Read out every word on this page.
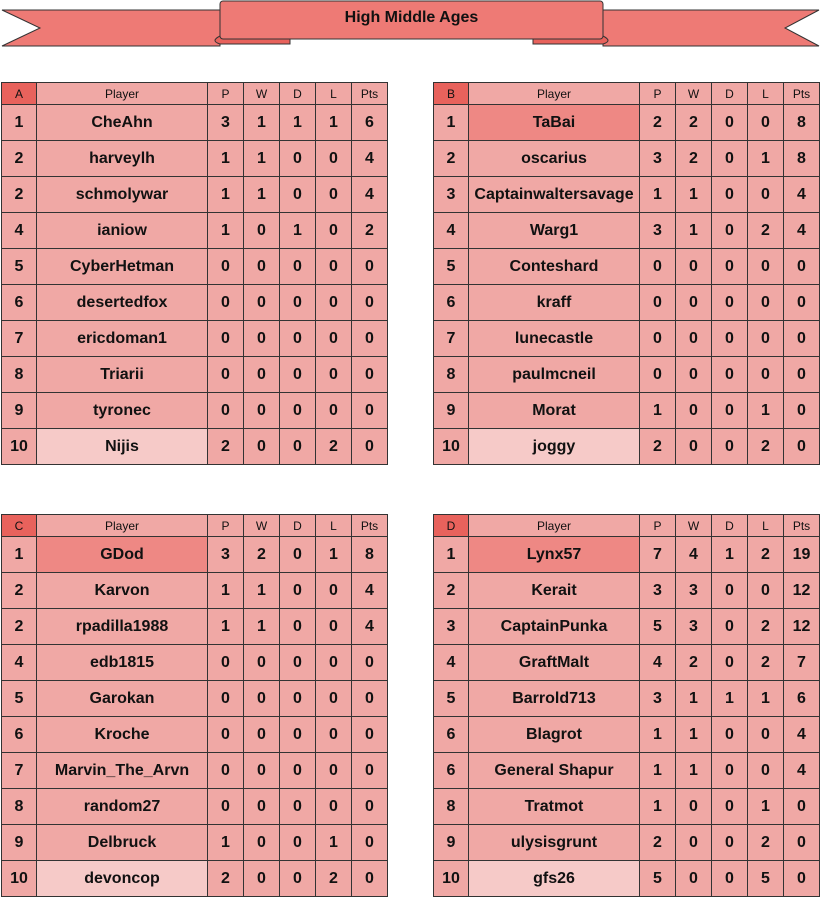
High Middle Ages
A	Player	P	W	D	L	Pts
1	CheAhn	3	1	1	1	6
2	harveylh	1	1	0	0	4
2	schmolywar	1	1	0	0	4
4	ianiow	1	0	1	0	2
5	CyberHetman	0	0	0	0	0
6	desertedfox	0	0	0	0	0
7	ericdoman1	0	0	0	0	0
8	Triarii	0	0	0	0	0
9	tyronec	0	0	0	0	0
10	Nijis	2	0	0	2	0
B	Player	P	W	D	L	Pts
1	TaBai	2	2	0	0	8
2	oscarius	3	2	0	1	8
3	Captainwaltersavage	1	1	0	0	4
4	Warg1	3	1	0	2	4
5	Conteshard	0	0	0	0	0
6	kraff	0	0	0	0	0
7	lunecastle	0	0	0	0	0
8	paulmcneil	0	0	0	0	0
9	Morat	1	0	0	1	0
10	joggy	2	0	0	2	0
C	Player	P	W	D	L	Pts
1	GDod	3	2	0	1	8
2	Karvon	1	1	0	0	4
2	rpadilla1988	1	1	0	0	4
4	edb1815	0	0	0	0	0
5	Garokan	0	0	0	0	0
6	Kroche	0	0	0	0	0
7	Marvin_The_Arvn	0	0	0	0	0
8	random27	0	0	0	0	0
9	Delbruck	1	0	0	1	0
10	devoncop	2	0	0	2	0
D	Player	P	W	D	L	Pts
1	Lynx57	7	4	1	2	19
2	Kerait	3	3	0	0	12
3	CaptainPunka	5	3	0	2	12
4	GraftMalt	4	2	0	2	7
5	Barrold713	3	1	1	1	6
6	Blagrot	1	1	0	0	4
6	General Shapur	1	1	0	0	4
8	Tratmot	1	0	0	1	0
9	ulysisgrunt	2	0	0	2	0
10	gfs26	5	0	0	5	0
